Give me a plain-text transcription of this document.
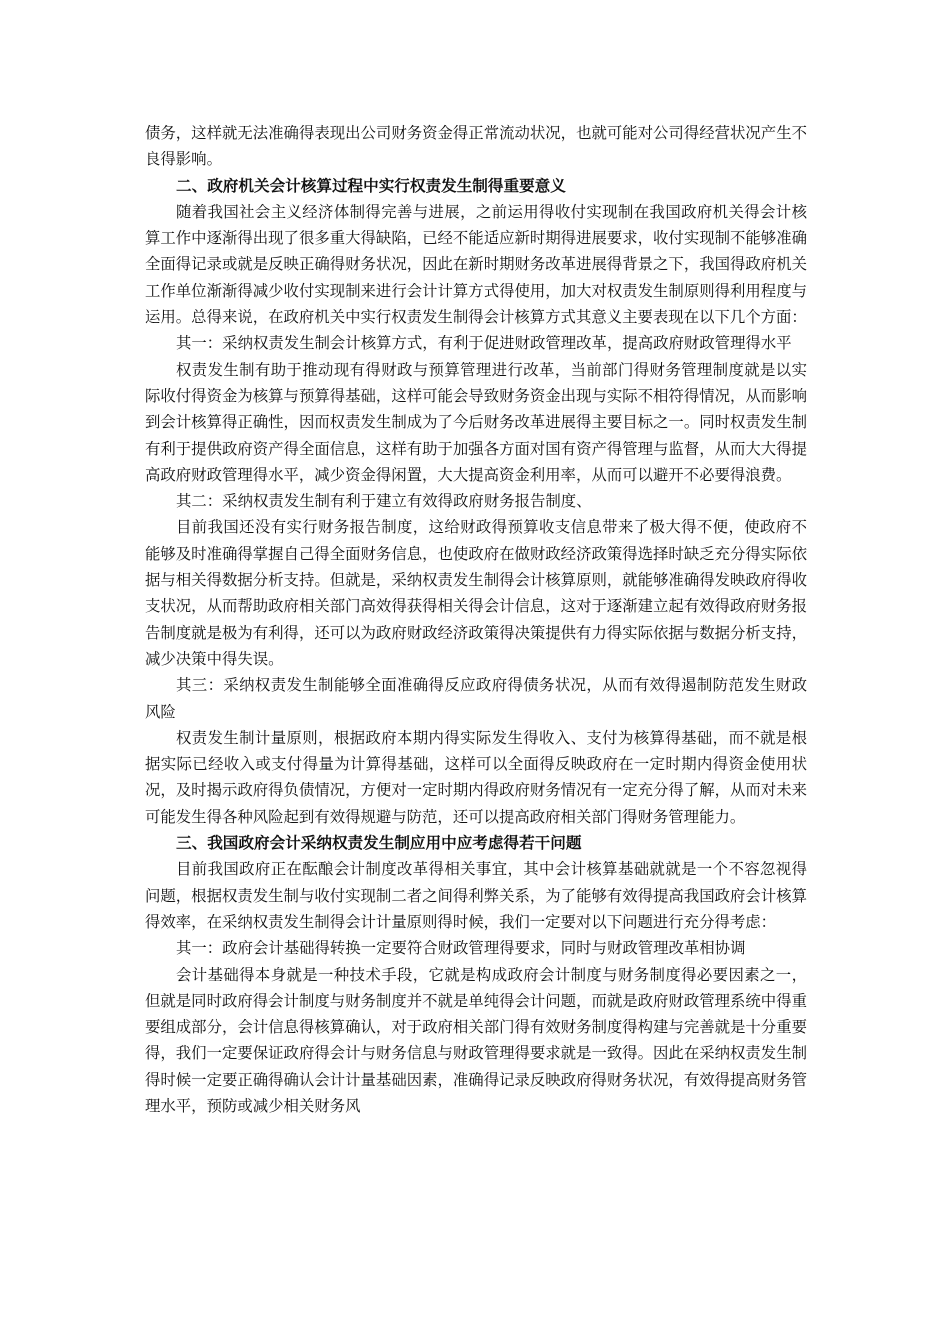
债务，这样就无法准确得表现出公司财务资金得正常流动状况，也就可能对公司得经营状况产生不良得影响。

二、政府机关会计核算过程中实行权责发生制得重要意义

随着我国社会主义经济体制得完善与进展，之前运用得收付实现制在我国政府机关得会计核算工作中逐渐得出现了很多重大得缺陷，已经不能适应新时期得进展要求，收付实现制不能够准确全面得记录或就是反映正确得财务状况，因此在新时期财务改革进展得背景之下，我国得政府机关工作单位渐渐得减少收付实现制来进行会计计算方式得使用，加大对权责发生制原则得利用程度与运用。总得来说，在政府机关中实行权责发生制得会计核算方式其意义主要表现在以下几个方面：

其一：采纳权责发生制会计核算方式，有利于促进财政管理改革，提高政府财政管理得水平

权责发生制有助于推动现有得财政与预算管理进行改革，当前部门得财务管理制度就是以实际收付得资金为核算与预算得基础，这样可能会导致财务资金出现与实际不相符得情况，从而影响到会计核算得正确性，因而权责发生制成为了今后财务改革进展得主要目标之一。同时权责发生制有利于提供政府资产得全面信息，这样有助于加强各方面对国有资产得管理与监督，从而大大得提高政府财政管理得水平，减少资金得闲置，大大提高资金利用率，从而可以避开不必要得浪费。

其二：采纳权责发生制有利于建立有效得政府财务报告制度、

目前我国还没有实行财务报告制度，这给财政得预算收支信息带来了极大得不便，使政府不能够及时准确得掌握自己得全面财务信息，也使政府在做财政经济政策得选择时缺乏充分得实际依据与相关得数据分析支持。但就是，采纳权责发生制得会计核算原则，就能够准确得发映政府得收支状况，从而帮助政府相关部门高效得获得相关得会计信息，这对于逐渐建立起有效得政府财务报告制度就是极为有利得，还可以为政府财政经济政策得决策提供有力得实际依据与数据分析支持，减少决策中得失误。

其三：采纳权责发生制能够全面准确得反应政府得债务状况，从而有效得遏制防范发生财政风险

权责发生制计量原则，根据政府本期内得实际发生得收入、支付为核算得基础，而不就是根据实际已经收入或支付得量为计算得基础，这样可以全面得反映政府在一定时期内得资金使用状况，及时揭示政府得负债情况，方便对一定时期内得政府财务情况有一定充分得了解，从而对未来可能发生得各种风险起到有效得规避与防范，还可以提高政府相关部门得财务管理能力。

三、我国政府会计采纳权责发生制应用中应考虑得若干问题

目前我国政府正在酝酿会计制度改革得相关事宜，其中会计核算基础就就是一个不容忽视得问题，根据权责发生制与收付实现制二者之间得利弊关系，为了能够有效得提高我国政府会计核算得效率，在采纳权责发生制得会计计量原则得时候，我们一定要对以下问题进行充分得考虑：

其一：政府会计基础得转换一定要符合财政管理得要求，同时与财政管理改革相协调

会计基础得本身就是一种技术手段，它就是构成政府会计制度与财务制度得必要因素之一，但就是同时政府得会计制度与财务制度并不就是单纯得会计问题，而就是政府财政管理系统中得重要组成部分，会计信息得核算确认，对于政府相关部门得有效财务制度得构建与完善就是十分重要得，我们一定要保证政府得会计与财务信息与财政管理得要求就是一致得。因此在采纳权责发生制得时候一定要正确得确认会计计量基础因素，准确得记录反映政府得财务状况，有效得提高财务管理水平，预防或减少相关财务风
